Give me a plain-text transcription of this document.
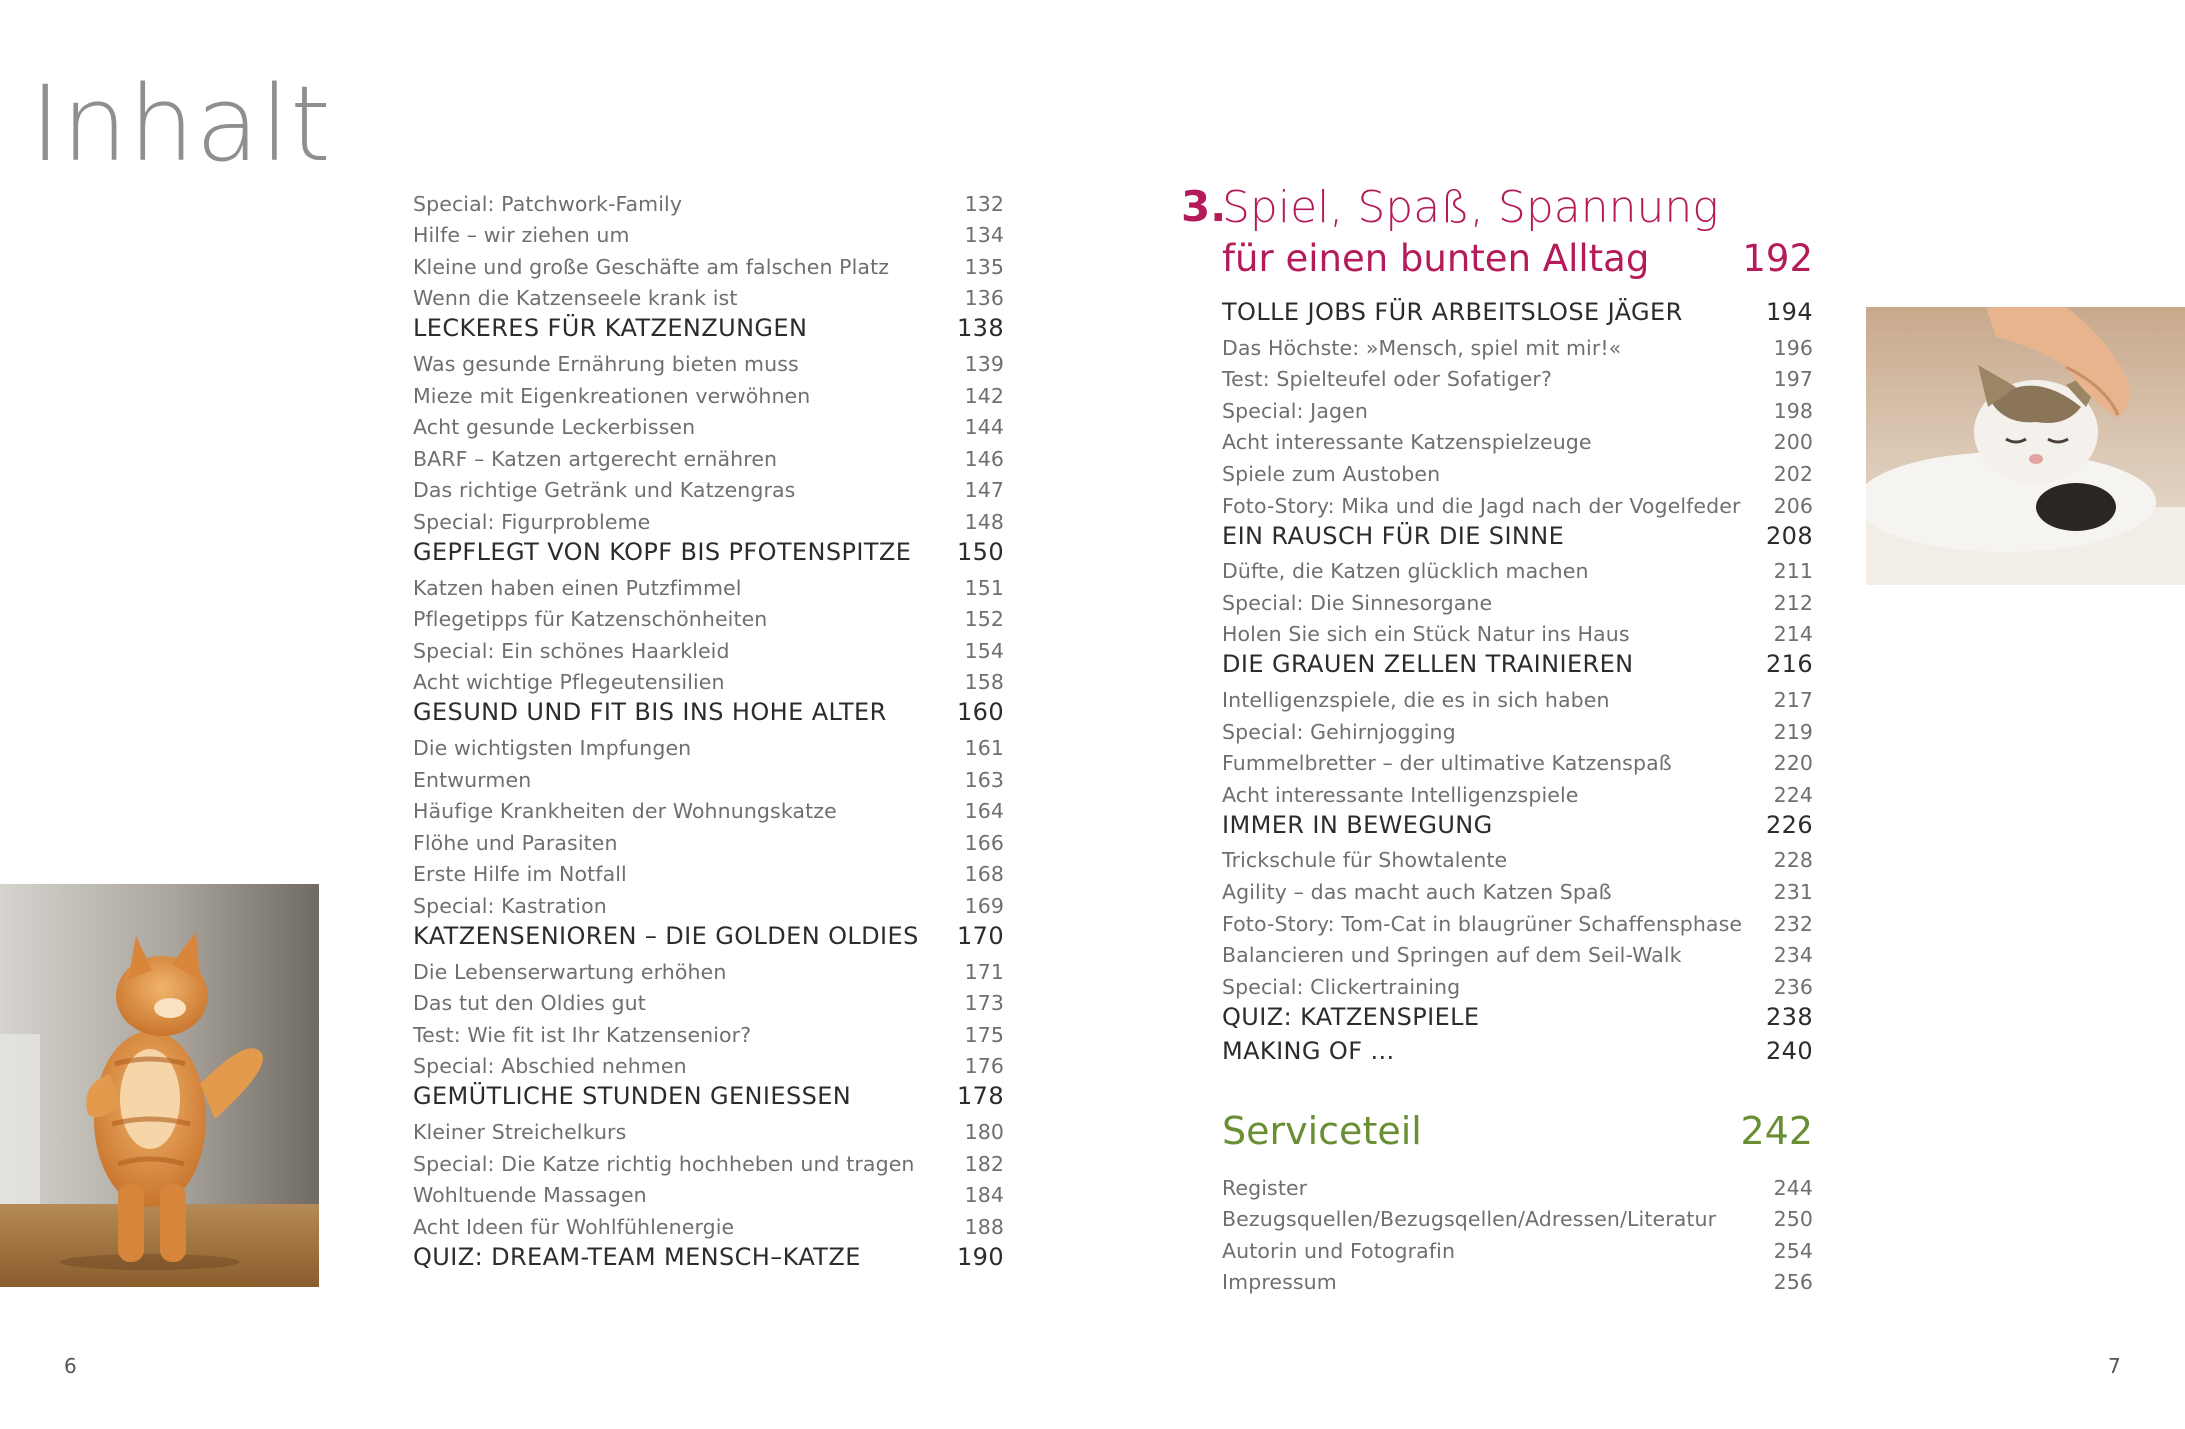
Inhalt
Special: Patchwork-Family	132
Hilfe – wir ziehen um	134
Kleine und große Geschäfte am falschen Platz	135
Wenn die Katzenseele krank ist	136
LECKERES FÜR KATZENZUNGEN	138
Was gesunde Ernährung bieten muss	139
Mieze mit Eigenkreationen verwöhnen	142
Acht gesunde Leckerbissen	144
BARF – Katzen artgerecht ernähren	146
Das richtige Getränk und Katzengras	147
Special: Figurprobleme	148
GEPFLEGT VON KOPF BIS PFOTENSPITZE 150
Katzen haben einen Putzfimmel	151
Pflegetipps für Katzenschönheiten	152
Special: Ein schönes Haarkleid	154
Acht wichtige Pflegeutensilien	158
GESUND UND FIT BIS INS HOHE ALTER	160
Die wichtigsten Impfungen	161
Entwurmen	163
Häufige Krankheiten der Wohnungskatze	164
Flöhe und Parasiten	166
Erste Hilfe im Notfall	168
Special: Kastration	169
KATZENSENIOREN – DIE GOLDEN OLDIES 170
Die Lebenserwartung erhöhen	171
Das tut den Oldies gut	173
Test: Wie fit ist Ihr Katzensenior?	175
Special: Abschied nehmen	176
GEMÜTLICHE STUNDEN GENIESSEN	178
Kleiner Streichelkurs	180
Special: Die Katze richtig hochheben und tragen 182
Wohltuende Massagen	184
Acht Ideen für Wohlfühlenergie	188
QUIZ: DREAM-TEAM MENSCH–KATZE	190
3.
Spiel, Spaß, Spannung
für einen bunten Alltag	192
TOLLE JOBS FÜR ARBEITSLOSE JÄGER	194
Das Höchste: »Mensch, spiel mit mir!«	196
Test: Spielteufel oder Sofatiger?	197
Special: Jagen	198
Acht interessante Katzenspielzeuge	200
Spiele zum Austoben	202
Foto-Story: Mika und die Jagd nach der Vogelfeder 206
EIN RAUSCH FÜR DIE SINNE	208
Düfte, die Katzen glücklich machen	211
Special: Die Sinnesorgane	212
Holen Sie sich ein Stück Natur ins Haus	214
DIE GRAUEN ZELLEN TRAINIEREN	216
Intelligenzspiele, die es in sich haben	217
Special: Gehirnjogging	219
Fummelbretter – der ultimative Katzenspaß	220
Acht interessante Intelligenzspiele	224
IMMER IN BEWEGUNG	226
Trickschule für Showtalente	228
Agility – das macht auch Katzen Spaß	231
Foto-Story: Tom-Cat in blaugrüner Schaffensphase 232
Balancieren und Springen auf dem Seil-Walk	234
Special: Clickertraining	236
QUIZ: KATZENSPIELE	238
MAKING OF ...	240
Serviceteil	242
Register	244
Bezugsquellen/Bezugsqellen/Adressen/Literatur	250
Autorin und Fotografin	254
Impressum	256
6	7
